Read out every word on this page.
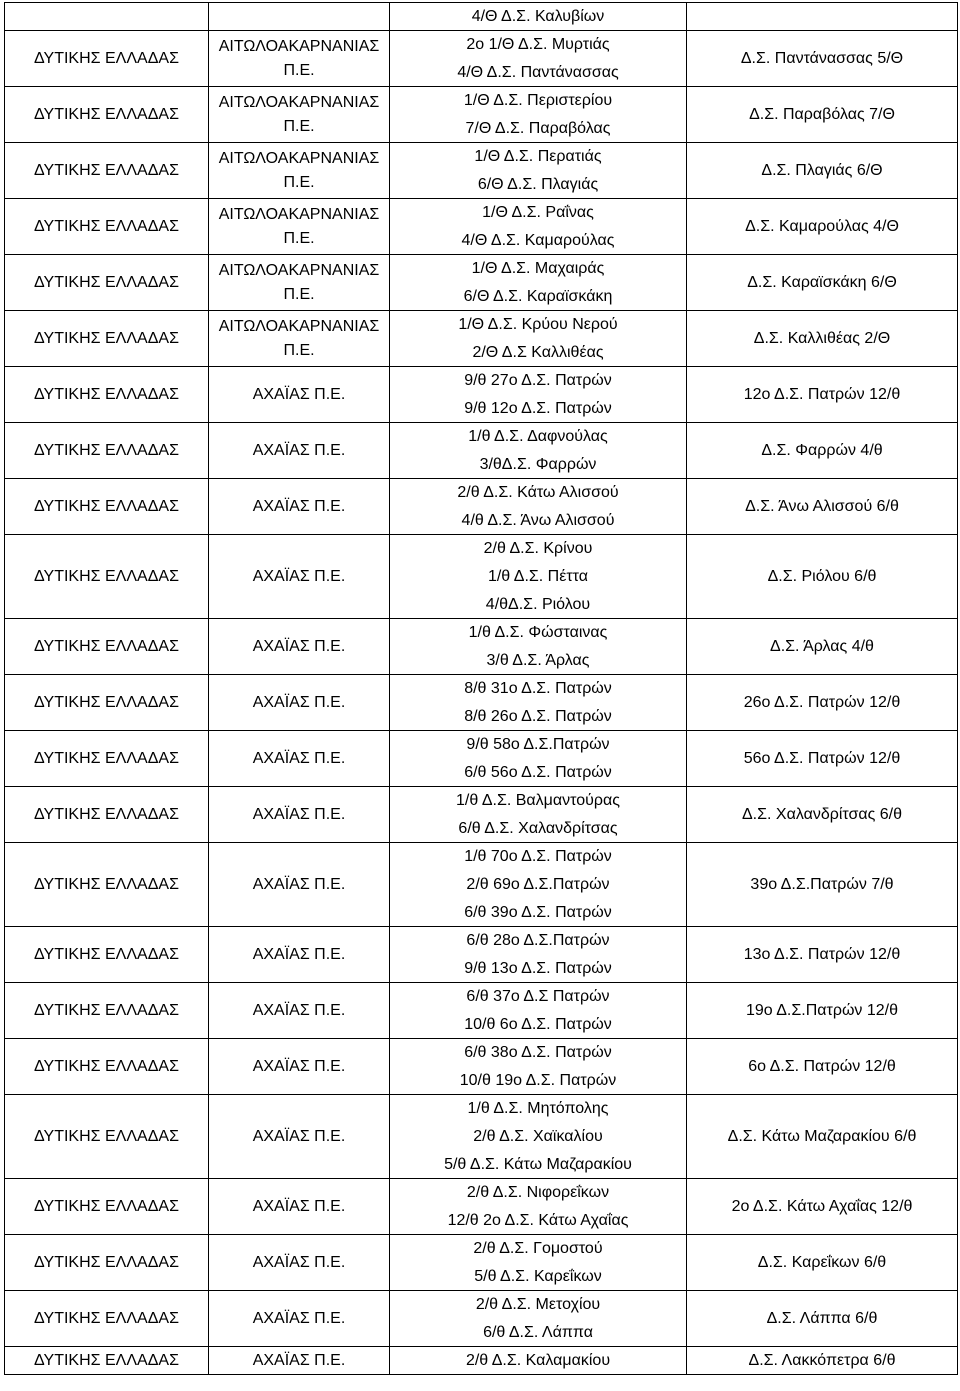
		4/Θ Δ.Σ. Καλυβίων	
ΔΥΤΙΚΗΣ ΕΛΛΑΔΑΣ	ΑΙΤΩΛΟΑΚΑΡΝΑΝΙΑΣ Π.Ε.	2ο 1/Θ Δ.Σ. Μυρτιάς	Δ.Σ. Παντάνασσας 5/Θ
		4/Θ Δ.Σ. Παντάνασσας	
ΔΥΤΙΚΗΣ ΕΛΛΑΔΑΣ	ΑΙΤΩΛΟΑΚΑΡΝΑΝΙΑΣ Π.Ε.	1/Θ Δ.Σ. Περιστερίου	Δ.Σ. Παραβόλας 7/Θ
		7/Θ Δ.Σ. Παραβόλας	
ΔΥΤΙΚΗΣ ΕΛΛΑΔΑΣ	ΑΙΤΩΛΟΑΚΑΡΝΑΝΙΑΣ Π.Ε.	1/Θ Δ.Σ. Περατιάς	Δ.Σ. Πλαγιάς 6/Θ
		6/Θ Δ.Σ. Πλαγιάς	
ΔΥΤΙΚΗΣ ΕΛΛΑΔΑΣ	ΑΙΤΩΛΟΑΚΑΡΝΑΝΙΑΣ Π.Ε.	1/Θ Δ.Σ. Ραΐνας	Δ.Σ. Καμαρούλας 4/Θ
		4/Θ Δ.Σ. Καμαρούλας	
ΔΥΤΙΚΗΣ ΕΛΛΑΔΑΣ	ΑΙΤΩΛΟΑΚΑΡΝΑΝΙΑΣ Π.Ε.	1/Θ Δ.Σ. Μαχαιράς	Δ.Σ. Καραϊσκάκη 6/Θ
		6/Θ Δ.Σ. Καραϊσκάκη	
ΔΥΤΙΚΗΣ ΕΛΛΑΔΑΣ	ΑΙΤΩΛΟΑΚΑΡΝΑΝΙΑΣ Π.Ε.	1/Θ Δ.Σ. Κρύου Νερού	Δ.Σ. Καλλιθέας 2/Θ
		2/Θ Δ.Σ Καλλιθέας	
ΔΥΤΙΚΗΣ ΕΛΛΑΔΑΣ	ΑΧΑΪΑΣ Π.Ε.	9/θ 27ο Δ.Σ. Πατρών	12ο Δ.Σ. Πατρών 12/θ
		9/θ 12ο Δ.Σ. Πατρών	
ΔΥΤΙΚΗΣ ΕΛΛΑΔΑΣ	ΑΧΑΪΑΣ Π.Ε.	1/θ Δ.Σ. Δαφνούλας	Δ.Σ. Φαρρών 4/θ
		3/θΔ.Σ. Φαρρών	
ΔΥΤΙΚΗΣ ΕΛΛΑΔΑΣ	ΑΧΑΪΑΣ Π.Ε.	2/θ Δ.Σ. Κάτω Αλισσού	Δ.Σ. Άνω Αλισσού 6/θ
		4/θ Δ.Σ. Άνω Αλισσού	
ΔΥΤΙΚΗΣ ΕΛΛΑΔΑΣ	ΑΧΑΪΑΣ Π.Ε.	2/θ Δ.Σ. Κρίνου	Δ.Σ. Ριόλου 6/θ
		1/θ Δ.Σ. Πέττα	
		4/θΔ.Σ. Ριόλου	
ΔΥΤΙΚΗΣ ΕΛΛΑΔΑΣ	ΑΧΑΪΑΣ Π.Ε.	1/θ Δ.Σ. Φώσταινας	Δ.Σ. Άρλας 4/θ
		3/θ Δ.Σ. Άρλας	
ΔΥΤΙΚΗΣ ΕΛΛΑΔΑΣ	ΑΧΑΪΑΣ Π.Ε.	8/θ 31ο Δ.Σ. Πατρών	26ο Δ.Σ. Πατρών 12/θ
		8/θ 26ο Δ.Σ. Πατρών	
ΔΥΤΙΚΗΣ ΕΛΛΑΔΑΣ	ΑΧΑΪΑΣ Π.Ε.	9/θ 58ο Δ.Σ.Πατρών	56ο Δ.Σ. Πατρών 12/θ
		6/θ 56ο Δ.Σ. Πατρών	
ΔΥΤΙΚΗΣ ΕΛΛΑΔΑΣ	ΑΧΑΪΑΣ Π.Ε.	1/θ Δ.Σ. Βαλμαντούρας	Δ.Σ. Χαλανδρίτσας 6/θ
		6/θ Δ.Σ. Χαλανδρίτσας	
ΔΥΤΙΚΗΣ ΕΛΛΑΔΑΣ	ΑΧΑΪΑΣ Π.Ε.	1/θ 70ο Δ.Σ. Πατρών	39ο Δ.Σ.Πατρών 7/θ
		2/θ 69ο Δ.Σ.Πατρών	
		6/θ 39ο Δ.Σ. Πατρών	
ΔΥΤΙΚΗΣ ΕΛΛΑΔΑΣ	ΑΧΑΪΑΣ Π.Ε.	6/θ 28ο Δ.Σ.Πατρών	13ο Δ.Σ. Πατρών 12/θ
		9/θ 13ο Δ.Σ. Πατρών	
ΔΥΤΙΚΗΣ ΕΛΛΑΔΑΣ	ΑΧΑΪΑΣ Π.Ε.	6/θ 37ο Δ.Σ Πατρών	19ο Δ.Σ.Πατρών 12/θ
		10/θ 6ο Δ.Σ. Πατρών	
ΔΥΤΙΚΗΣ ΕΛΛΑΔΑΣ	ΑΧΑΪΑΣ Π.Ε.	6/θ 38ο Δ.Σ. Πατρών	6ο Δ.Σ. Πατρών 12/θ
		10/θ 19ο Δ.Σ. Πατρών	
ΔΥΤΙΚΗΣ ΕΛΛΑΔΑΣ	ΑΧΑΪΑΣ Π.Ε.	1/θ Δ.Σ. Μητόπολης	Δ.Σ. Κάτω Μαζαρακίου 6/θ
		2/θ Δ.Σ. Χαϊκαλίου	
		5/θ Δ.Σ. Κάτω Μαζαρακίου	
ΔΥΤΙΚΗΣ ΕΛΛΑΔΑΣ	ΑΧΑΪΑΣ Π.Ε.	2/θ Δ.Σ. Νιφορεΐκων	2ο Δ.Σ. Κάτω Αχαΐας 12/θ
		12/θ 2ο Δ.Σ. Κάτω Αχαΐας	
ΔΥΤΙΚΗΣ ΕΛΛΑΔΑΣ	ΑΧΑΪΑΣ Π.Ε.	2/θ Δ.Σ. Γομοστού	Δ.Σ. Καρεΐκων 6/θ
		5/θ Δ.Σ. Καρεΐκων	
ΔΥΤΙΚΗΣ ΕΛΛΑΔΑΣ	ΑΧΑΪΑΣ Π.Ε.	2/θ Δ.Σ. Μετοχίου	Δ.Σ. Λάππα 6/θ
		6/θ Δ.Σ. Λάππα	
ΔΥΤΙΚΗΣ ΕΛΛΑΔΑΣ	ΑΧΑΪΑΣ Π.Ε.	2/θ Δ.Σ. Καλαμακίου	Δ.Σ. Λακκόπετρα 6/θ
